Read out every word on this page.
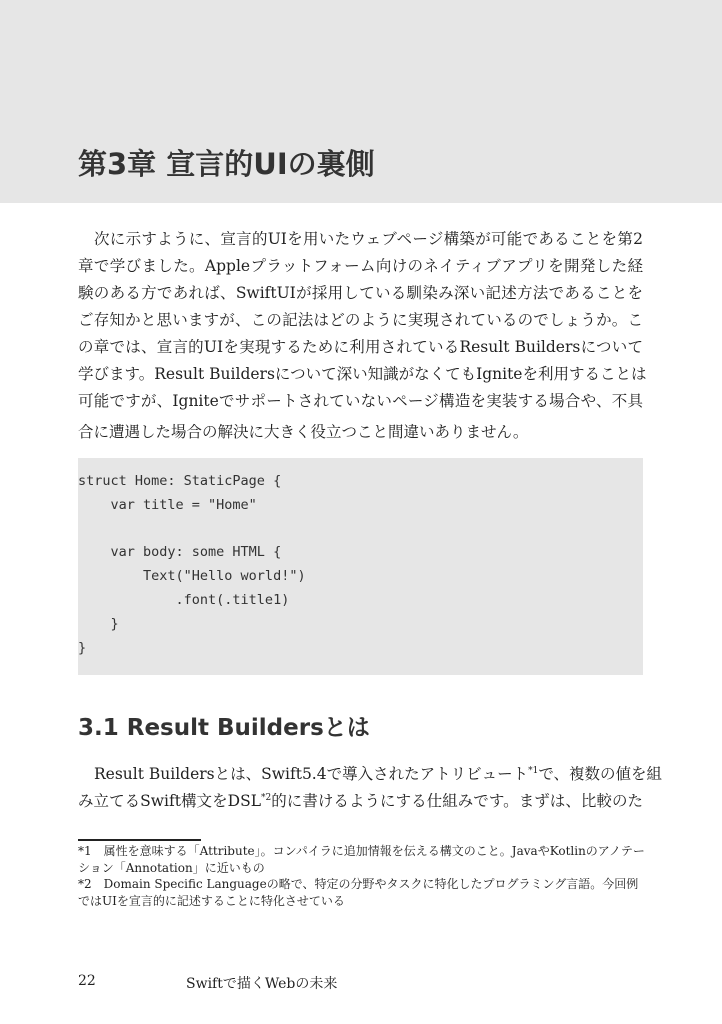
第3章 宣言的UIの裏側
次に示すように、宣言的UIを用いたウェブページ構築が可能であることを第2
章で学びました。Appleプラットフォーム向けのネイティブアプリを開発した経
験のある方であれば、SwiftUIが採用している馴染み深い記述方法であることを
ご存知かと思いますが、この記法はどのように実現されているのでしょうか。こ
の章では、宣言的UIを実現するために利用されているResult Buildersについて
学びます。Result Buildersについて深い知識がなくてもIgniteを利用することは
可能ですが、Igniteでサポートされていないページ構造を実装する場合や、不具
合に遭遇した場合の解決に大きく役立つこと間違いありません。
struct Home: StaticPage {
var title = "Home"

var body: some HTML {
Text("Hello world!")
.font(.title1)
}
}
3.1 Result Buildersとは
Result Buildersとは、Swift5.4で導入されたアトリビュート$^{*1}$で、複数の値を組
み立てるSwift構文をDSL$^{*2}$的に書けるようにする仕組みです。まずは、比較のた
*1　属性を意味する「Attribute」。コンパイラに追加情報を伝える構文のこと。JavaやKotlinのアノテー
ション「Annotation」に近いもの
*2　Domain Specific Languageの略で、特定の分野やタスクに特化したプログラミング言語。今回例
ではUIを宣言的に記述することに特化させている
22	Swiftで描くWebの未来
